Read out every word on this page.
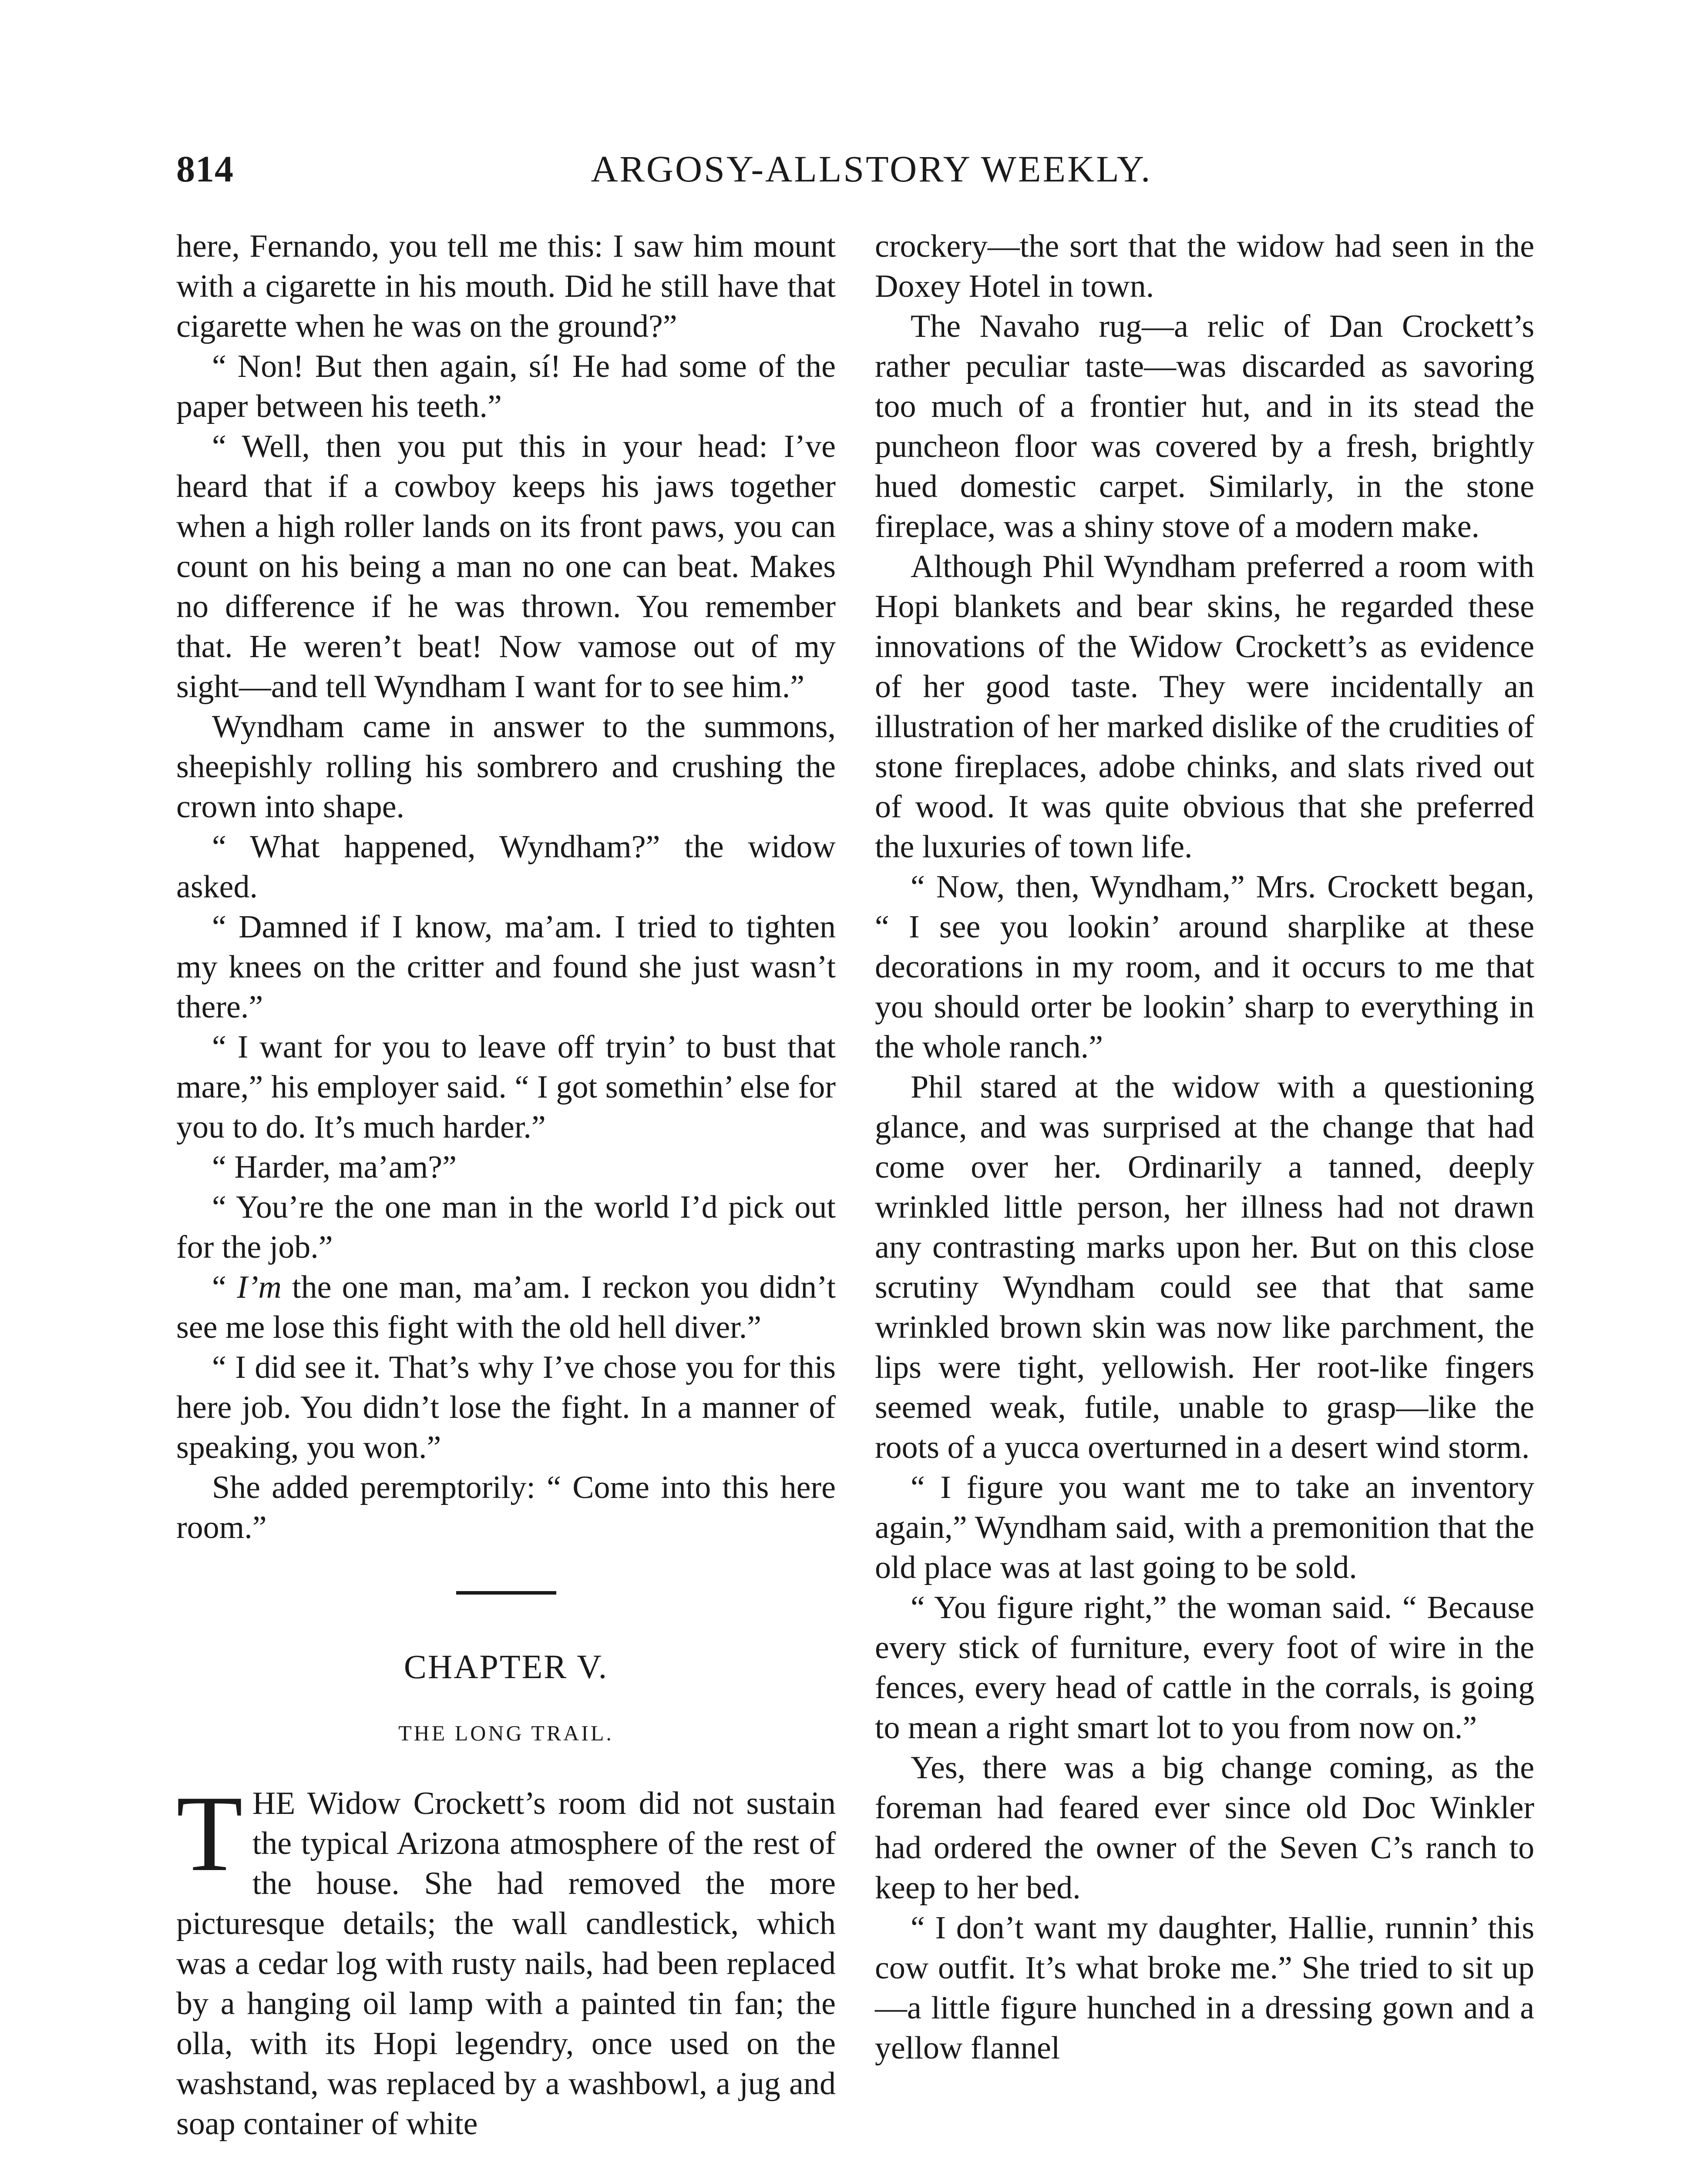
814	ARGOSY-ALLSTORY WEEKLY.

here, Fernando, you tell me this: I saw him mount with a cigarette in his mouth. Did he still have that cigarette when he was on the ground?”

“ Non! But then again, sí! He had some of the paper between his teeth.”

“ Well, then you put this in your head: I’ve heard that if a cowboy keeps his jaws together when a high roller lands on its front paws, you can count on his being a man no one can beat. Makes no difference if he was thrown. You remember that. He weren’t beat! Now vamose out of my sight—and tell Wyndham I want for to see him.”

Wyndham came in answer to the summons, sheepishly rolling his sombrero and crushing the crown into shape.

“ What happened, Wyndham?” the widow asked.

“ Damned if I know, ma’am. I tried to tighten my knees on the critter and found she just wasn’t there.”

“ I want for you to leave off tryin’ to bust that mare,” his employer said. “ I got somethin’ else for you to do. It’s much harder.”

“ Harder, ma’am?”

“ You’re the one man in the world I’d pick out for the job.”

“ I’m the one man, ma’am. I reckon you didn’t see me lose this fight with the old hell diver.”

“ I did see it. That’s why I’ve chose you for this here job. You didn’t lose the fight. In a manner of speaking, you won.”

She added peremptorily: “ Come into this here room.”

CHAPTER V.
THE LONG TRAIL.

THE Widow Crockett’s room did not sustain the typical Arizona atmosphere of the rest of the house. She had removed the more picturesque details; the wall candlestick, which was a cedar log with rusty nails, had been replaced by a hanging oil lamp with a painted tin fan; the olla, with its Hopi legendry, once used on the washstand, was replaced by a washbowl, a jug and soap container of white

crockery—the sort that the widow had seen in the Doxey Hotel in town.

The Navaho rug—a relic of Dan Crockett’s rather peculiar taste—was discarded as savoring too much of a frontier hut, and in its stead the puncheon floor was covered by a fresh, brightly hued domestic carpet. Similarly, in the stone fireplace, was a shiny stove of a modern make.

Although Phil Wyndham preferred a room with Hopi blankets and bear skins, he regarded these innovations of the Widow Crockett’s as evidence of her good taste. They were incidentally an illustration of her marked dislike of the crudities of stone fireplaces, adobe chinks, and slats rived out of wood. It was quite obvious that she preferred the luxuries of town life.

“ Now, then, Wyndham,” Mrs. Crockett began, “ I see you lookin’ around sharplike at these decorations in my room, and it occurs to me that you should orter be lookin’ sharp to everything in the whole ranch.”

Phil stared at the widow with a questioning glance, and was surprised at the change that had come over her. Ordinarily a tanned, deeply wrinkled little person, her illness had not drawn any contrasting marks upon her. But on this close scrutiny Wyndham could see that that same wrinkled brown skin was now like parchment, the lips were tight, yellowish. Her root-like fingers seemed weak, futile, unable to grasp—like the roots of a yucca overturned in a desert wind storm.

“ I figure you want me to take an inventory again,” Wyndham said, with a premonition that the old place was at last going to be sold.

“ You figure right,” the woman said. “ Because every stick of furniture, every foot of wire in the fences, every head of cattle in the corrals, is going to mean a right smart lot to you from now on.”

Yes, there was a big change coming, as the foreman had feared ever since old Doc Winkler had ordered the owner of the Seven C’s ranch to keep to her bed.

“ I don’t want my daughter, Hallie, runnin’ this cow outfit. It’s what broke me.” She tried to sit up—a little figure hunched in a dressing gown and a yellow flannel
